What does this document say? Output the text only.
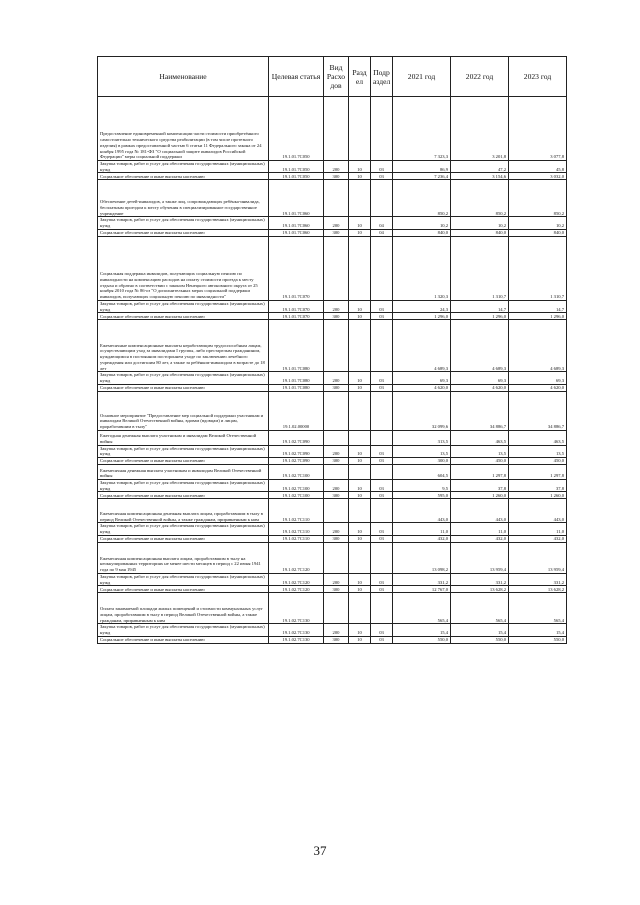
Наименование	Целевая статья	Вид Расхо дов	Разд ел	Подр аздел	2021 год	2022 год	2023 год
Предоставление единовременной компенсации части стоимости приобретённого самостоятельно технического средства реабилитации (в том числе протезного изделия) в рамках предоставленной частью 6 статьи 11 Федерального закона от 24 ноября 1995 года № 181-ФЗ "О социальной защите инвалидов Российской Федерации" меры социальной поддержки	19.1.01.7С050				7 323,3	3 201,8	3 077,8
Закупка товаров, работ и услуг для обеспечения государственных (муниципальных) нужд	19.1.01.7С050	200	10	03	86,9	47,2	45,8
Социальное обеспечение и иные выплаты населению	19.1.01.7С050	300	10	03	7 236,4	3 154,6	3 032,0
Обеспечение детей-инвалидов, а также лиц, сопровождающих ребёнка-инвалида, бесплатным проездом к месту обучения в специализированное государственное учреждение	19.1.01.7С060				850,2	850,2	850,2
Закупка товаров, работ и услуг для обеспечения государственных (муниципальных) нужд	19.1.01.7С060	200	10	04	10,2	10,2	10,2
Социальное обеспечение и иные выплаты населению	19.1.01.7С060	300	10	04	840,0	840,0	840,0
Социальная поддержка инвалидов, получающих социальную пенсию по инвалидности на компенсацию расходов на оплату стоимости проезда к месту отдыха и обратно в соответствии с законом Ненецкого автономного округа от 25 ноября 2010 года № 86-оз "О дополнительных мерах социальной поддержки инвалидов, получающих социальную пенсию по инвалидности"	19.1.01.7С070				1 320,3	1 310,7	1 310,7
Закупка товаров, работ и услуг для обеспечения государственных (муниципальных) нужд	19.1.01.7С070	200	10	03	24,3	14,7	14,7
Социальное обеспечение и иные выплаты населению	19.1.01.7С070	300	10	03	1 296,0	1 296,0	1 296,0
Ежемесячные компенсационные выплаты неработающим трудоспособным лицам, осуществляющим уход за инвалидами I группы, либо престарелым гражданином, нуждающимся в постоянном постороннем уходе по заключению лечебного учреждения или достигшим 80 лет, а также за ребёнком-инвалидом в возрасте до 18 лет	19.1.01.7С080				4 689,3	4 689,3	4 689,3
Закупка товаров, работ и услуг для обеспечения государственных (муниципальных) нужд	19.1.01.7С080	200	10	03	69,3	69,3	69,3
Социальное обеспечение и иные выплаты населению	19.1.01.7С080	300	10	03	4 620,0	4 620,0	4 620,0
Основное мероприятие "Предоставление мер социальной поддержки участникам и инвалидам Великой Отечественной войны, вдовам (вдовцам) и лицам, проработавшим в тылу"	19.1.02.00000				32 099,6	34 886,7	34 886,7
Ежегодная денежная выплата участникам и инвалидам Великой Отечественной войны	19.1.02.7С090				313,5	463,5	463,5
Закупка товаров, работ и услуг для обеспечения государственных (муниципальных) нужд	19.1.02.7С090	200	10	03	13,5	13,5	13,5
Социальное обеспечение и иные выплаты населению	19.1.02.7С090	300	10	03	300,0	450,0	450,0
Ежемесячная денежная выплата участникам и инвалидам Великой Отечественной войны	19.1.02.7С100				604,5	1 297,8	1 297,8
Закупка товаров, работ и услуг для обеспечения государственных (муниципальных) нужд	19.1.02.7С100	200	10	03	9,5	37,8	37,8
Социальное обеспечение и иные выплаты населению	19.1.02.7С100	300	10	03	595,0	1 260,0	1 260,0
Ежемесячная компенсационная денежная выплата лицам, проработавшим в тылу в период Великой Отечественной войны, а также гражданам, приравненным к ним	19.1.02.7С110				443,0	443,0	443,0
Закупка товаров, работ и услуг для обеспечения государственных (муниципальных) нужд	19.1.02.7С110	200	10	03	11,0	11,0	11,0
Социальное обеспечение и иные выплаты населению	19.1.02.7С110	300	10	03	432,0	432,0	432,0
Ежемесячная компенсационная выплата лицам, проработавшим в тылу на неоккупированных территориях не менее шести месяцев в период с 22 июня 1941 года по 9 мая 1945	19.1.02.7С120				13 098,2	13 959,4	13 959,4
Закупка товаров, работ и услуг для обеспечения государственных (муниципальных) нужд	19.1.02.7С120	200	10	03	331,2	331,2	331,2
Социальное обеспечение и иные выплаты населению	19.1.02.7С120	300	10	03	12 767,0	13 628,2	13 628,2
Оплата занимаемой площади жилых помещений и стоимости коммунальных услуг лицам, проработавшим в тылу в период Великой Отечественной войны, а также гражданам, приравненным к ним	19.1.02.7С130				565,4	565,4	565,4
Закупка товаров, работ и услуг для обеспечения государственных (муниципальных) нужд	19.1.02.7С130	200	10	03	15,4	15,4	15,4
Социальное обеспечение и иные выплаты населению	19.1.02.7С130	300	10	03	550,0	550,0	550,0
37
